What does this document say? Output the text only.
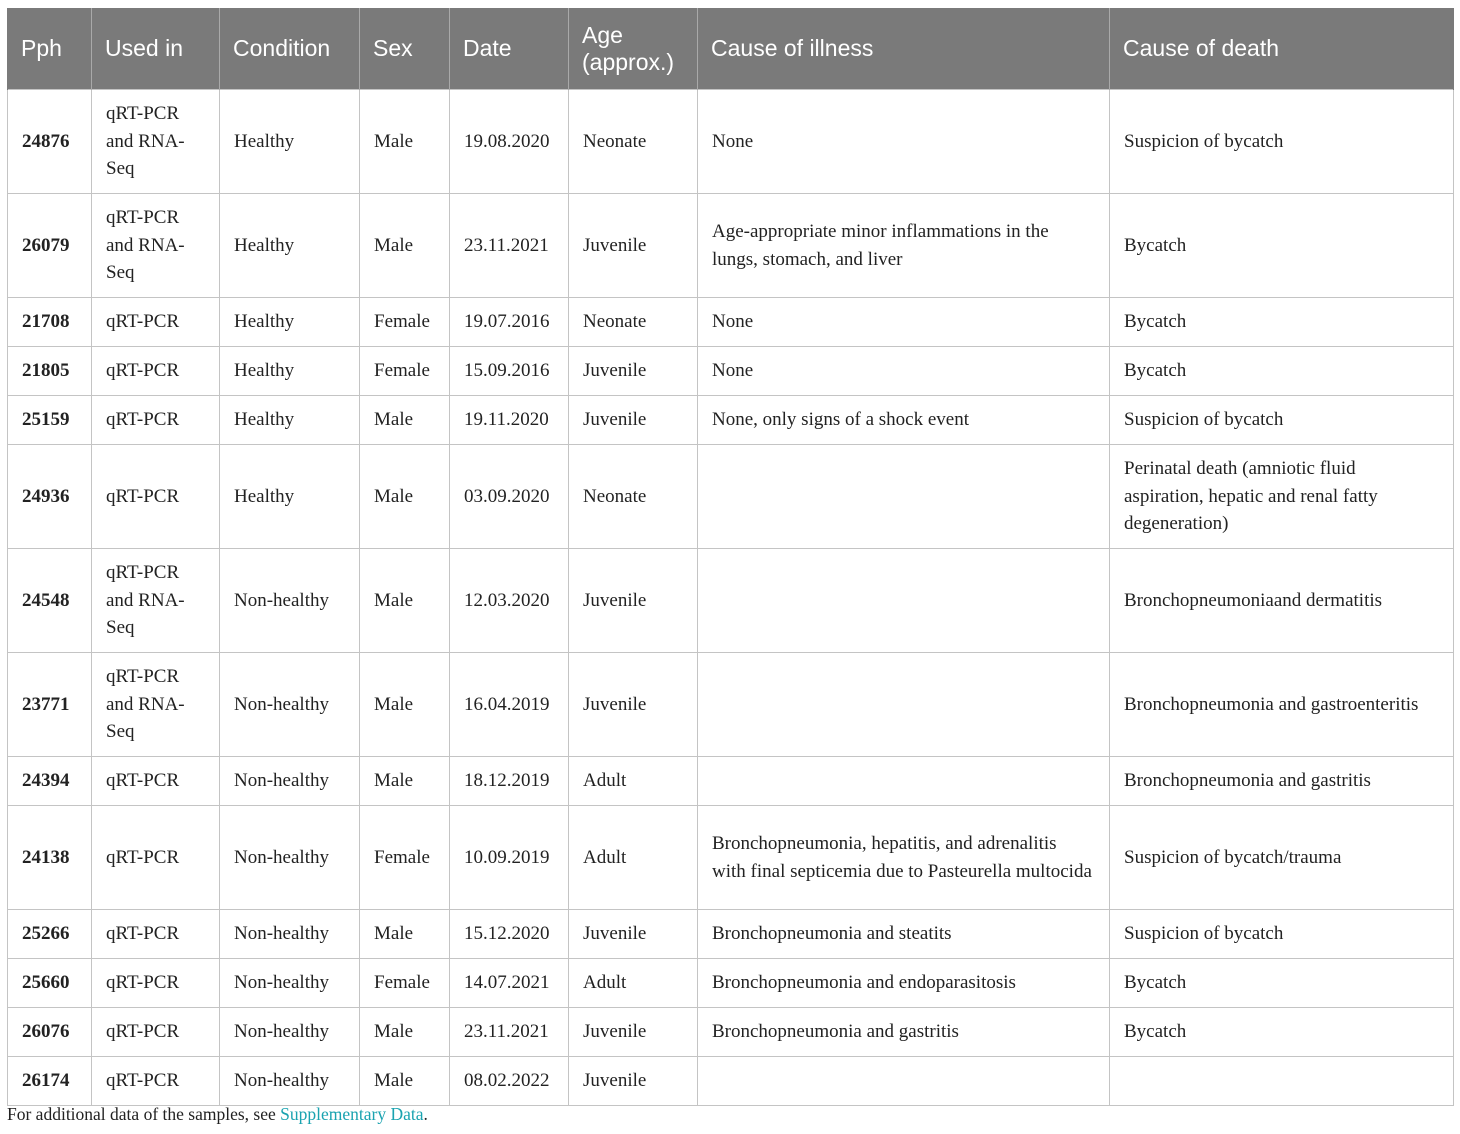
Pph	Used in	Condition	Sex	Date	Age (approx.)	Cause of illness	Cause of death
24876	qRT-PCR and RNA-Seq	Healthy	Male	19.08.2020	Neonate	None	Suspicion of bycatch
26079	qRT-PCR and RNA-Seq	Healthy	Male	23.11.2021	Juvenile	Age-appropriate minor inflammations in the lungs, stomach, and liver	Bycatch
21708	qRT-PCR	Healthy	Female	19.07.2016	Neonate	None	Bycatch
21805	qRT-PCR	Healthy	Female	15.09.2016	Juvenile	None	Bycatch
25159	qRT-PCR	Healthy	Male	19.11.2020	Juvenile	None, only signs of a shock event	Suspicion of bycatch
24936	qRT-PCR	Healthy	Male	03.09.2020	Neonate		Perinatal death (amniotic fluid aspiration, hepatic and renal fatty degeneration)
24548	qRT-PCR and RNA-Seq	Non-healthy	Male	12.03.2020	Juvenile		Bronchopneumoniaand dermatitis
23771	qRT-PCR and RNA-Seq	Non-healthy	Male	16.04.2019	Juvenile		Bronchopneumonia and gastroenteritis
24394	qRT-PCR	Non-healthy	Male	18.12.2019	Adult		Bronchopneumonia and gastritis
24138	qRT-PCR	Non-healthy	Female	10.09.2019	Adult	Bronchopneumonia, hepatitis, and adrenalitis with final septicemia due to Pasteurella multocida	Suspicion of bycatch/trauma
25266	qRT-PCR	Non-healthy	Male	15.12.2020	Juvenile	Bronchopneumonia and steatits	Suspicion of bycatch
25660	qRT-PCR	Non-healthy	Female	14.07.2021	Adult	Bronchopneumonia and endoparasitosis	Bycatch
26076	qRT-PCR	Non-healthy	Male	23.11.2021	Juvenile	Bronchopneumonia and gastritis	Bycatch
26174	qRT-PCR	Non-healthy	Male	08.02.2022	Juvenile		
For additional data of the samples, see Supplementary Data.
